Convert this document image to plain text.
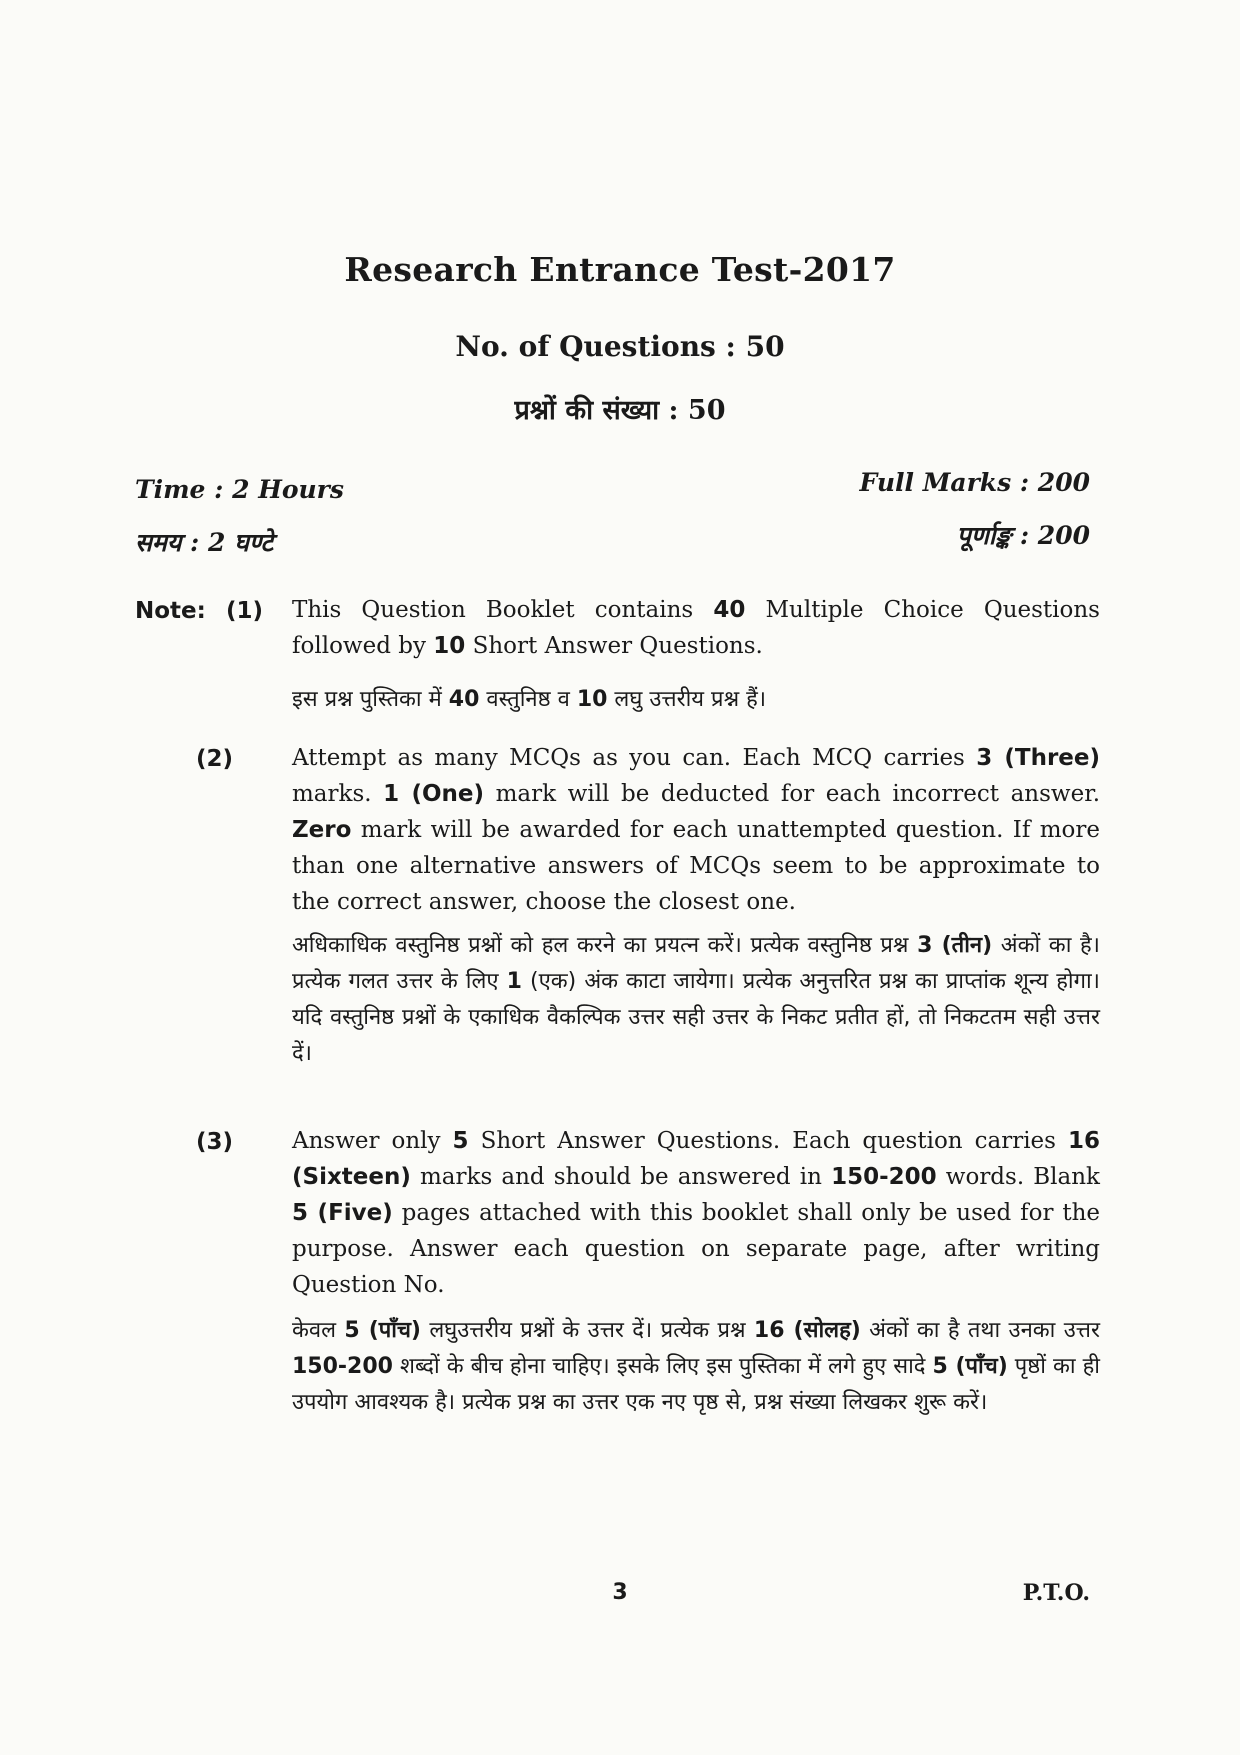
Research Entrance Test-2017
No. of Questions : 50
प्रश्नों की संख्या : 50
Time : 2 Hours
समय : 2 घण्टे
Full Marks : 200
पूर्णाङ्क : 200
Note: (1) This Question Booklet contains 40 Multiple Choice Questions followed by 10 Short Answer Questions.
इस प्रश्न पुस्तिका में 40 वस्तुनिष्ठ व 10 लघु उत्तरीय प्रश्न हैं।
(2)	Attempt as many MCQs as you can. Each MCQ carries 3 (Three) marks. 1 (One) mark will be deducted for each incorrect answer. Zero mark will be awarded for each unattempted question. If more than one alternative answers of MCQs seem to be approximate to the correct answer, choose the closest one.
अधिकाधिक वस्तुनिष्ठ प्रश्नों को हल करने का प्रयत्न करें। प्रत्येक वस्तुनिष्ठ प्रश्न 3 (तीन) अंकों का है। प्रत्येक गलत उत्तर के लिए 1 (एक) अंक काटा जायेगा। प्रत्येक अनुत्तरित प्रश्न का प्राप्तांक शून्य होगा। यदि वस्तुनिष्ठ प्रश्नों के एकाधिक वैकल्पिक उत्तर सही उत्तर के निकट प्रतीत हों, तो निकटतम सही उत्तर दें।
(3)	Answer only 5 Short Answer Questions. Each question carries 16 (Sixteen) marks and should be answered in 150-200 words. Blank 5 (Five) pages attached with this booklet shall only be used for the purpose. Answer each question on separate page, after writing Question No.
केवल 5 (पाँच) लघुउत्तरीय प्रश्नों के उत्तर दें। प्रत्येक प्रश्न 16 (सोलह) अंकों का है तथा उनका उत्तर 150-200 शब्दों के बीच होना चाहिए। इसके लिए इस पुस्तिका में लगे हुए सादे 5 (पाँच) पृष्ठों का ही उपयोग आवश्यक है। प्रत्येक प्रश्न का उत्तर एक नए पृष्ठ से, प्रश्न संख्या लिखकर शुरू करें।
3	P.T.O.
